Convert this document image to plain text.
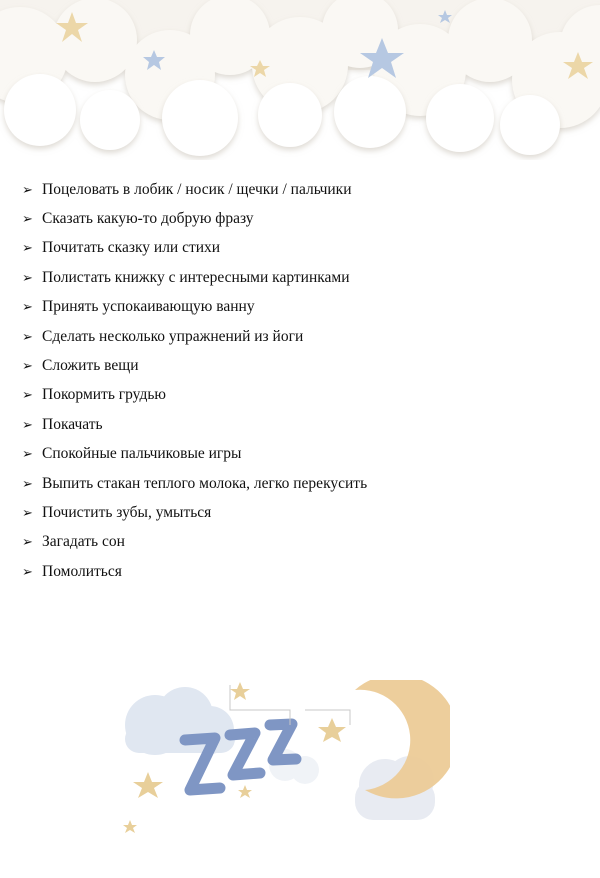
➢ Поцеловать в лобик / носик / щечки / пальчики
➢ Сказать какую-то добрую фразу
➢ Почитать сказку или стихи
➢ Полистать книжку с интересными картинками
➢ Принять успокаивающую ванну
➢ Сделать несколько упражнений из йоги
➢ Сложить вещи
➢ Покормить грудью
➢ Покачать
➢ Спокойные пальчиковые игры
➢ Выпить стакан теплого молока, легко перекусить
➢ Почистить зубы, умыться
➢ Загадать сон
➢ Помолиться
